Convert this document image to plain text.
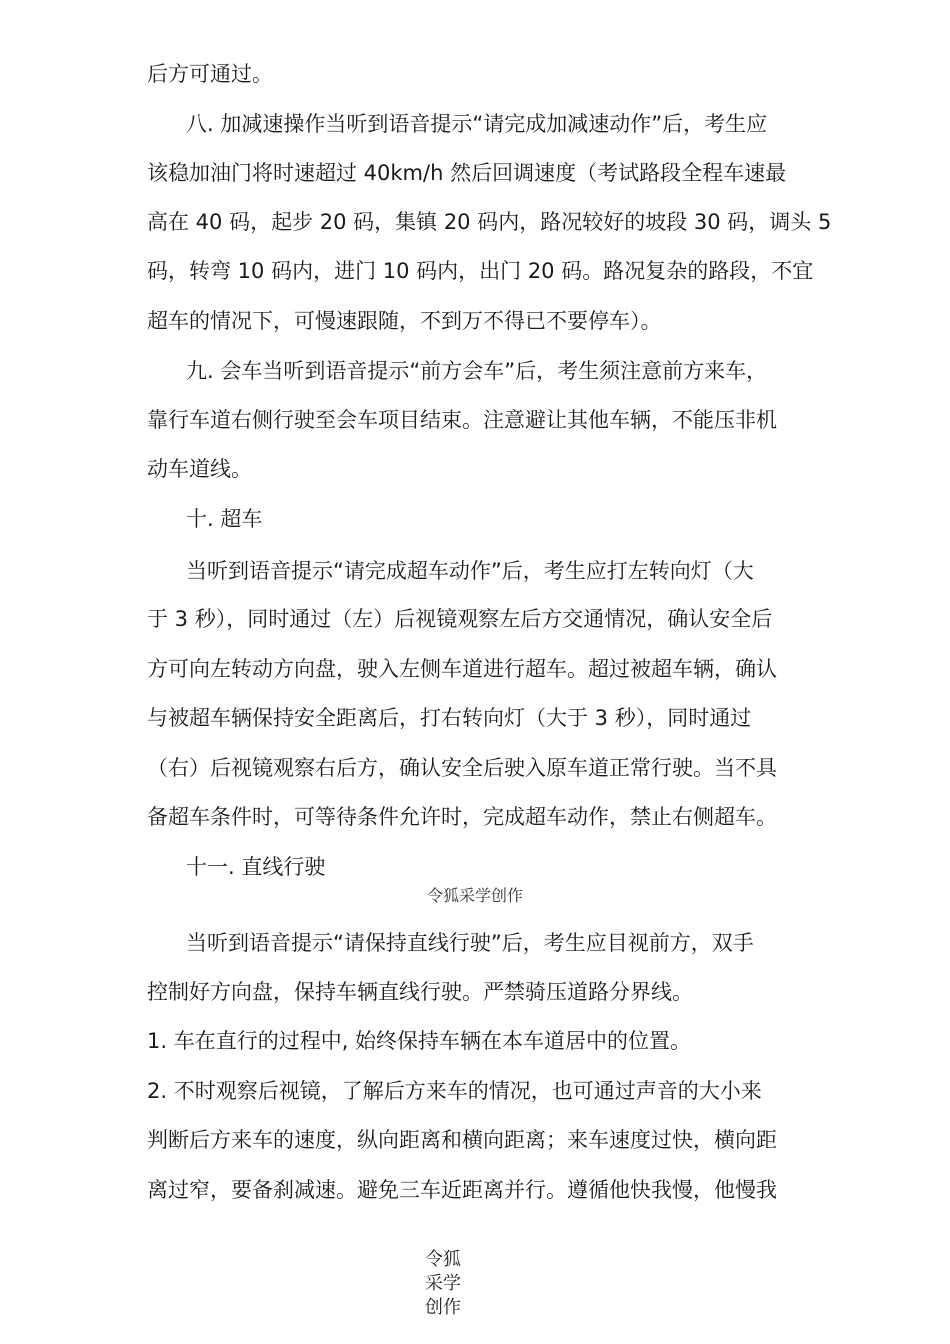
后方可通过。
八. 加减速操作当听到语音提示“请完成加减速动作”后，考生应
该稳加油门将时速超过 40km/h 然后回调速度（考试路段全程车速最
高在 40 码，起步 20 码，集镇 20 码内，路况较好的坡段 30 码，调头 5
码，转弯 10 码内，进门 10 码内，出门 20 码。路况复杂的路段，不宜
超车的情况下，可慢速跟随，不到万不得已不要停车）。
九. 会车当听到语音提示“前方会车”后，考生须注意前方来车，
靠行车道右侧行驶至会车项目结束。注意避让其他车辆，不能压非机
动车道线。
十. 超车
当听到语音提示“请完成超车动作”后，考生应打左转向灯（大
于 3 秒），同时通过（左）后视镜观察左后方交通情况，确认安全后
方可向左转动方向盘，驶入左侧车道进行超车。超过被超车辆，确认
与被超车辆保持安全距离后，打右转向灯（大于 3 秒），同时通过
（右）后视镜观察右后方，确认安全后驶入原车道正常行驶。当不具
备超车条件时，可等待条件允许时，完成超车动作，禁止右侧超车。
十一. 直线行驶
令狐采学创作
当听到语音提示“请保持直线行驶”后，考生应目视前方，双手
控制好方向盘，保持车辆直线行驶。严禁骑压道路分界线。
1. 车在直行的过程中, 始终保持车辆在本车道居中的位置。
2. 不时观察后视镜，了解后方来车的情况，也可通过声音的大小来
判断后方来车的速度，纵向距离和横向距离；来车速度过快，横向距
离过窄，要备刹减速。避免三车近距离并行。遵循他快我慢，他慢我
令狐
采学
创作
